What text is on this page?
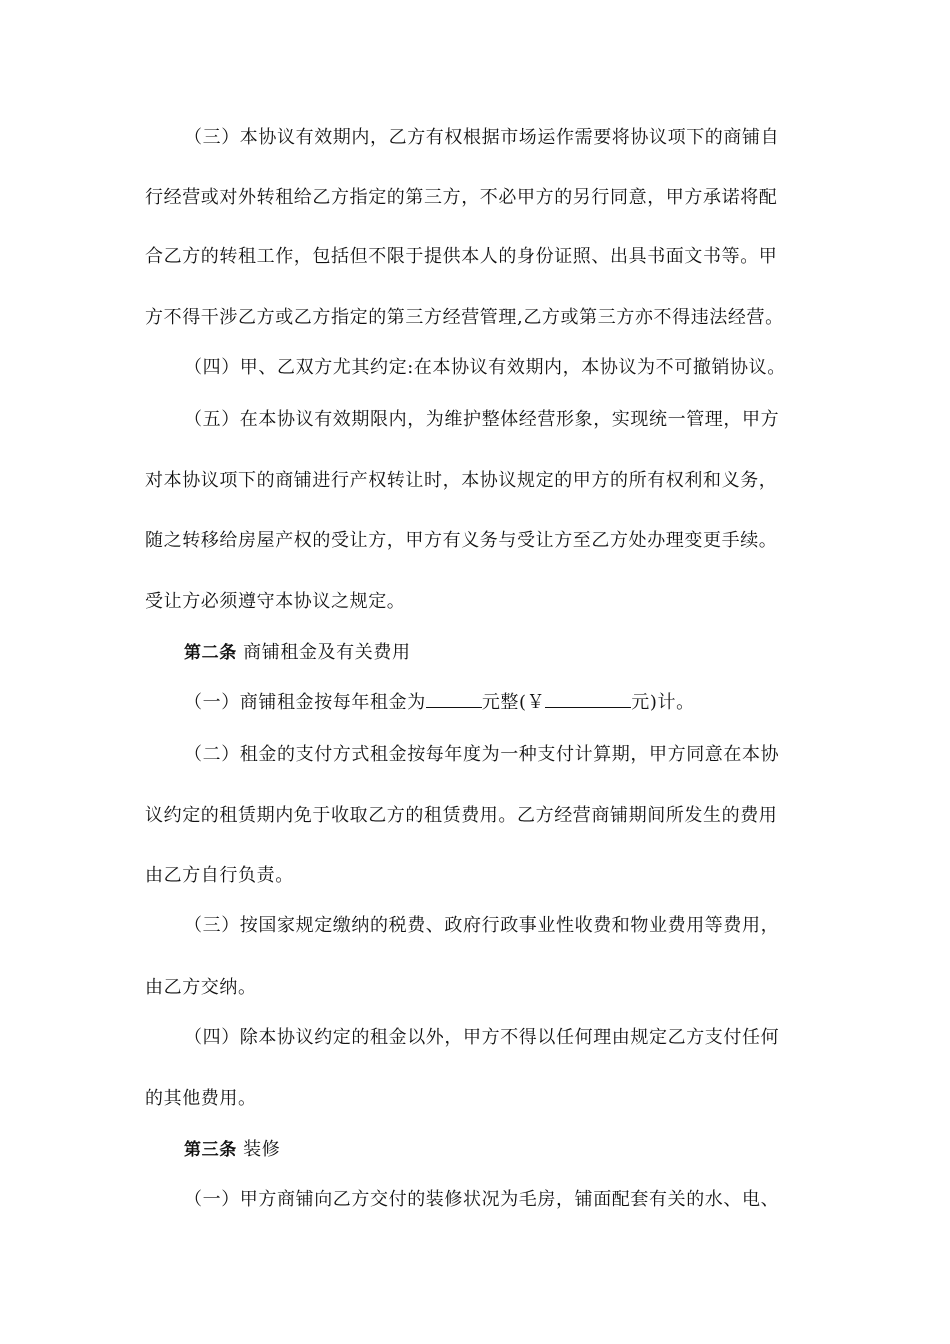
（三）本协议有效期内，乙方有权根据市场运作需要将协议项下的商铺自
行经营或对外转租给乙方指定的第三方，不必甲方的另行同意，甲方承诺将配
合乙方的转租工作，包括但不限于提供本人的身份证照、出具书面文书等。甲
方不得干涉乙方或乙方指定的第三方经营管理,乙方或第三方亦不得违法经营。
（四）甲、乙双方尤其约定:在本协议有效期内，本协议为不可撤销协议。
（五）在本协议有效期限内，为维护整体经营形象，实现统一管理，甲方
对本协议项下的商铺进行产权转让时，本协议规定的甲方的所有权利和义务，
随之转移给房屋产权的受让方，甲方有义务与受让方至乙方处办理变更手续。
受让方必须遵守本协议之规定。
第二条 商铺租金及有关费用
（一）商铺租金按每年租金为	元整(￥	元)计。
（二）租金的支付方式租金按每年度为一种支付计算期，甲方同意在本协
议约定的租赁期内免于收取乙方的租赁费用。乙方经营商铺期间所发生的费用
由乙方自行负责。
（三）按国家规定缴纳的税费、政府行政事业性收费和物业费用等费用，
由乙方交纳。
（四）除本协议约定的租金以外，甲方不得以任何理由规定乙方支付任何
的其他费用。
第三条 装修
（一）甲方商铺向乙方交付的装修状况为毛房，铺面配套有关的水、电、
